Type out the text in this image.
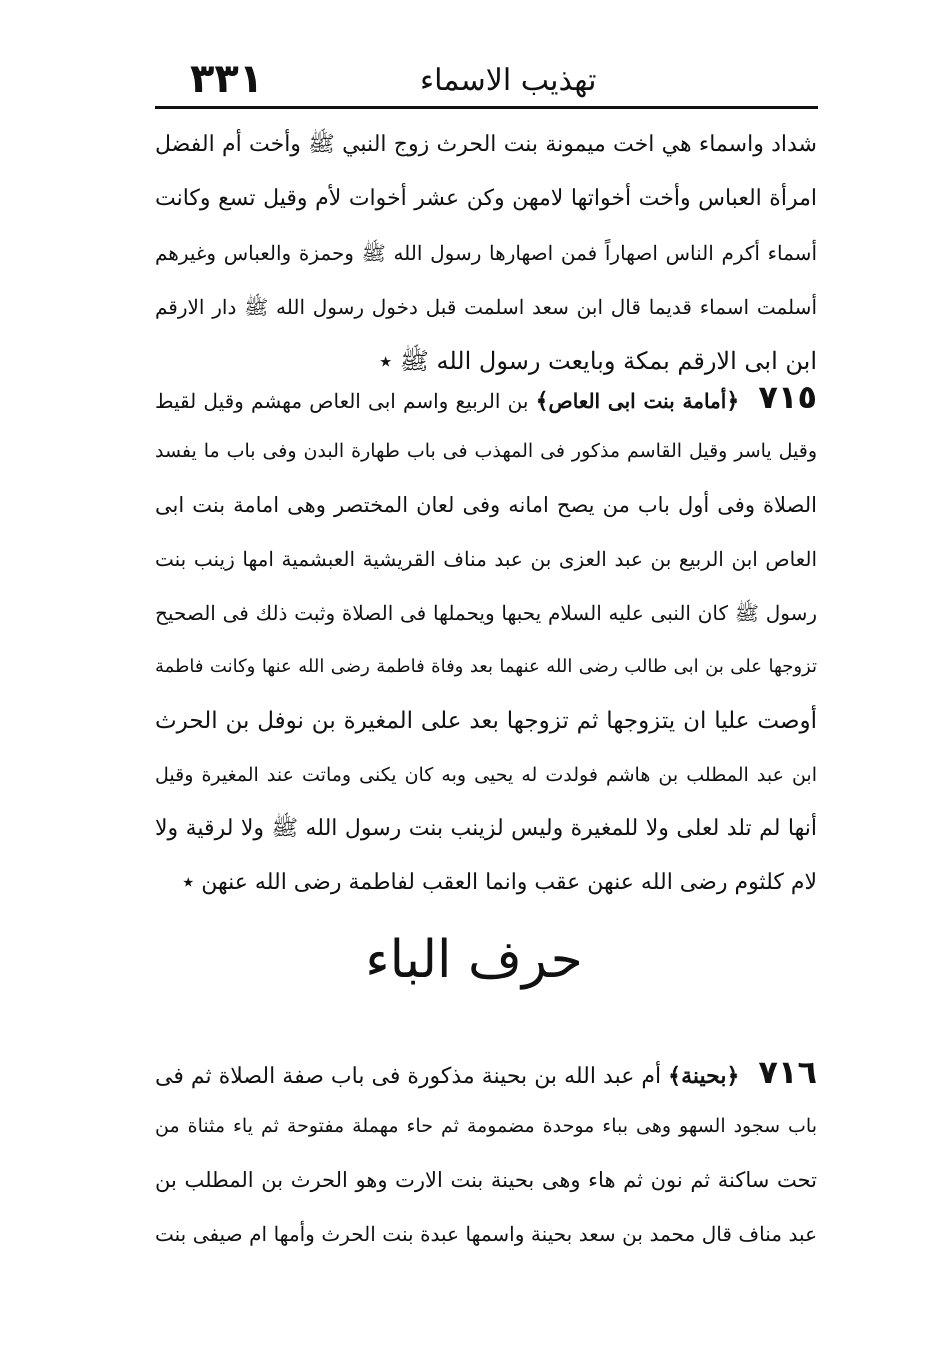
٣٣١	تهذيب الاسماء
شداد واسماء هي اخت ميمونة بنت الحرث زوج النبي ﷺ وأخت أم الفضل
امرأة العباس وأخت أخواتها لامهن وكن عشر أخوات لأم وقيل تسع وكانت
أسماء أكرم الناس اصهاراً فمن اصهارها رسول الله ﷺ وحمزة والعباس وغيرهم
أسلمت اسماء قديما قال ابن سعد اسلمت قبل دخول رسول الله ﷺ دار الارقم
ابن ابى الارقم بمكة وبايعت رسول الله ﷺ ٭
٧١٥ ﴿أمامة بنت ابى العاص﴾ بن الربيع واسم ابى العاص مهشم وقيل لقيط
وقيل ياسر وقيل القاسم مذكور فى المهذب فى باب طهارة البدن وفى باب ما يفسد
الصلاة وفى أول باب من يصح امانه وفى لعان المختصر وهى امامة بنت ابى
العاص ابن الربيع بن عبد العزى بن عبد مناف القريشية العبشمية امها زينب بنت
رسول ﷺ كان النبى عليه السلام يحبها ويحملها فى الصلاة وثبت ذلك فى الصحيح
تزوجها على بن ابى طالب رضى الله عنهما بعد وفاة فاطمة رضى الله عنها وكانت فاطمة
أوصت عليا ان يتزوجها ثم تزوجها بعد على المغيرة بن نوفل بن الحرث
ابن عبد المطلب بن هاشم فولدت له يحيى وبه كان يكنى وماتت عند المغيرة وقيل
أنها لم تلد لعلى ولا للمغيرة وليس لزينب بنت رسول الله ﷺ ولا لرقية ولا
لام كلثوم رضى الله عنهن عقب وانما العقب لفاطمة رضى الله عنهن ٭
حرف الباء
٧١٦ ﴿بحينة﴾ أم عبد الله بن بحينة مذكورة فى باب صفة الصلاة ثم فى
باب سجود السهو وهى بباء موحدة مضمومة ثم حاء مهملة مفتوحة ثم ياء مثناة من
تحت ساكنة ثم نون ثم هاء وهى بحينة بنت الارت وهو الحرث بن المطلب بن
عبد مناف قال محمد بن سعد بحينة واسمها عبدة بنت الحرث وأمها ام صيفى بنت
